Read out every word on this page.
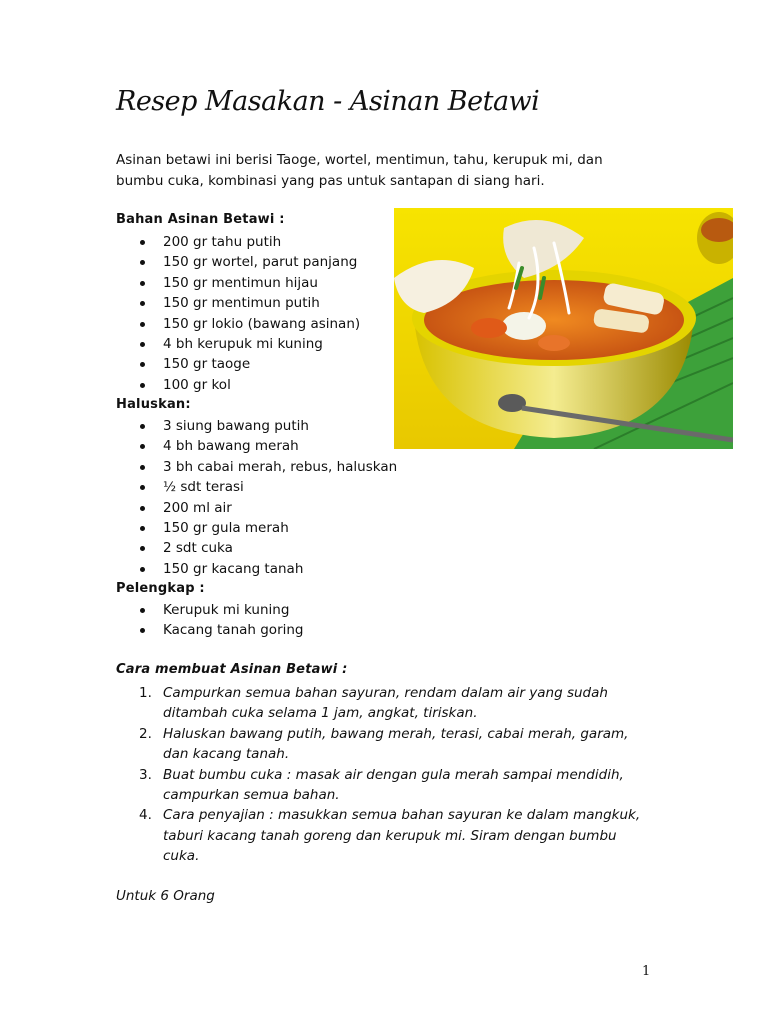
Resep Masakan - Asinan Betawi
Asinan betawi ini berisi Taoge, wortel, mentimun, tahu, kerupuk mi, dan bumbu cuka, kombinasi yang pas untuk santapan di siang hari.
Bahan Asinan Betawi :
200 gr tahu putih
150 gr wortel, parut panjang
150 gr mentimun hijau
150 gr mentimun putih
150 gr lokio (bawang asinan)
4 bh kerupuk mi kuning
150 gr taoge
100 gr kol
Haluskan:
3 siung bawang putih
4 bh bawang merah
3 bh cabai merah, rebus, haluskan
½ sdt terasi
200 ml air
150 gr gula merah
2 sdt cuka
150 gr kacang tanah
Pelengkap :
Kerupuk mi kuning
Kacang tanah goring
Cara membuat Asinan Betawi :
1. Campurkan semua bahan sayuran, rendam dalam air yang sudah ditambah cuka selama 1 jam, angkat, tiriskan.
2. Haluskan bawang putih, bawang merah, terasi, cabai merah, garam, dan kacang tanah.
3. Buat bumbu cuka : masak air dengan gula merah sampai mendidih, campurkan semua bahan.
4. Cara penyajian : masukkan semua bahan sayuran ke dalam mangkuk, taburi kacang tanah goreng dan kerupuk mi. Siram dengan bumbu cuka.
Untuk 6 Orang
1
